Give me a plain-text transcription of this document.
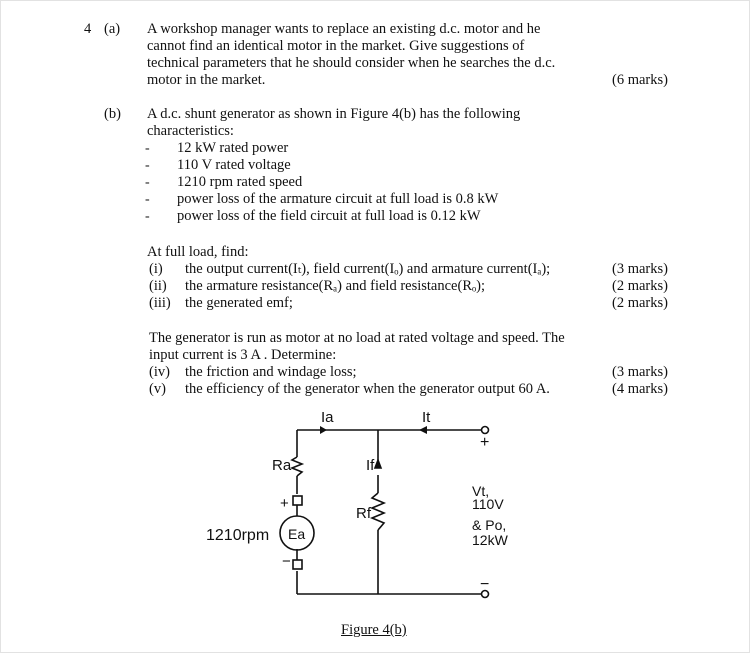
4 (a) A workshop manager wants to replace an existing d.c. motor and he
cannot find an identical motor in the market. Give suggestions of
technical parameters that he should consider when he searches the d.c.
motor in the market.	(6 marks)
(b) A d.c. shunt generator as shown in Figure 4(b) has the following
characteristics:
- 12 kW rated power
- 110 V rated voltage
- 1210 rpm rated speed
- power loss of the armature circuit at full load is 0.8 kW
- power loss of the field circuit at full load is 0.12 kW
At full load, find:
(i) the output current(Iₜ), field current(Iₒ) and armature current(Iₐ);	(3 marks)
(ii) the armature resistance(Rₐ) and field resistance(Rₒ);	(2 marks)
(iii) the generated emf;	(2 marks)
The generator is run as motor at no load at rated voltage and speed. The
input current is 3 A . Determine:
(iv) the friction and windage loss;	(3 marks)
(v) the efficiency of the generator when the generator output 60 A.	(4 marks)
Ia	It
If
Ra
Rf
1210rpm Ea
+
−
+
−
Vt,
110V
& Po,
12kW
Figure 4(b)
